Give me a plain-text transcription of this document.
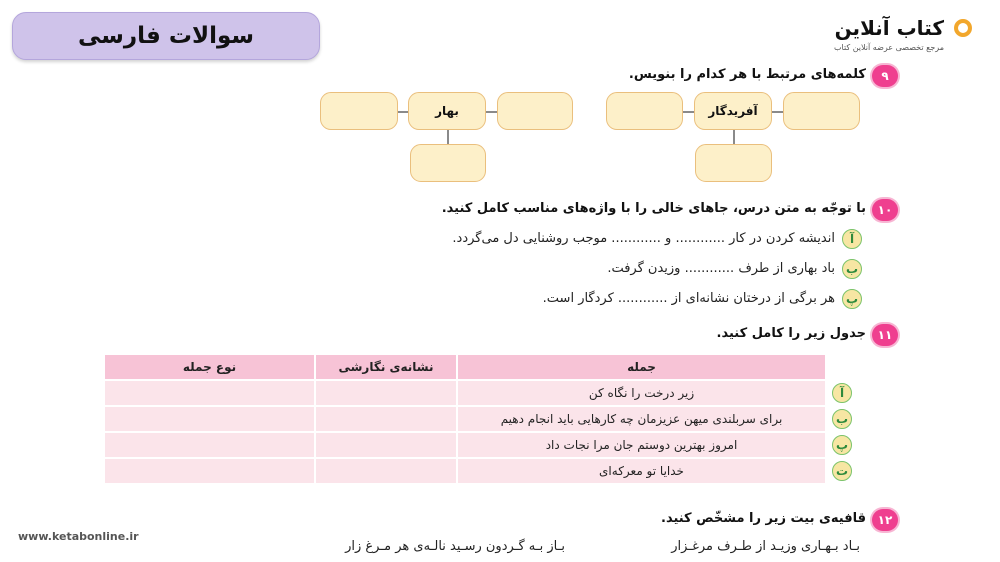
سوالات فارسی	کتاب آنلاین
مرجع تخصصی عرضه آنلاین کتاب
۹
کلمه‌های مرتبط با هر کدام را بنویس.
بهار	آفریدگار
۱۰
با توجّه به متن درس، جاهای خالی را با واژه‌های مناسب کامل کنید.
آ
اندیشه کردن در کار ............ و ............ موجب روشنایی دل می‌گردد.
ب
باد بهاری از طرف ............ وزیدن گرفت.
پ
هر برگی از درختان نشانه‌ای از ............ کردگار است.
۱۱
جدول زیر را کامل کنید.
	جمله	نشانه‌ی نگارشی	نوع جمله

آ	زیر درخت را نگاه کن		

ب	برای سربلندی میهن عزیزمان چه کارهایی باید انجام دهیم		

پ	امروز بهترین دوستم جان مرا نجات داد		

ت	خدایا تو معرکه‌ای		
۱۲
قافیه‌ی بیت زیر را مشخّص کنید.
بـاد بـهـاری وزیـد از طـرف مرغـزار
بـاز بـه گـردون رسـید نالـه‌ی هر مـرغ زار
www.ketabonline.ir
